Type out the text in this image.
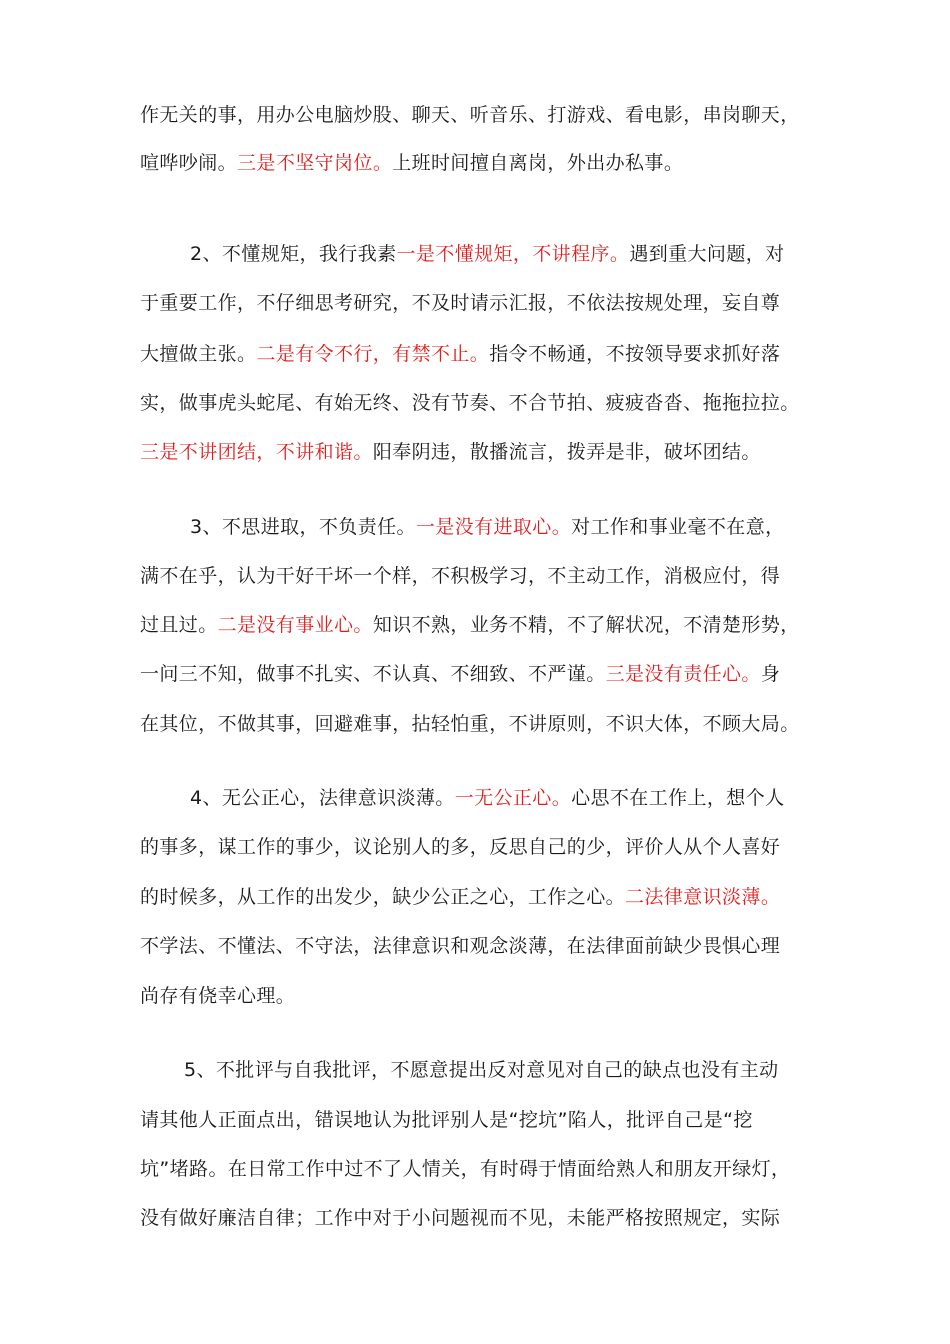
作无关的事，用办公电脑炒股、聊天、听音乐、打游戏、看电影，串岗聊天，
喧哗吵闹。三是不坚守岗位。上班时间擅自离岗，外出办私事。
2、不懂规矩，我行我素一是不懂规矩，不讲程序。遇到重大问题，对
于重要工作，不仔细思考研究，不及时请示汇报，不依法按规处理，妄自尊
大擅做主张。二是有令不行，有禁不止。指令不畅通，不按领导要求抓好落
实，做事虎头蛇尾、有始无终、没有节奏、不合节拍、疲疲沓沓、拖拖拉拉。
三是不讲团结，不讲和谐。阳奉阴违，散播流言，拨弄是非，破坏团结。
3、不思进取，不负责任。一是没有进取心。对工作和事业毫不在意，
满不在乎，认为干好干坏一个样，不积极学习，不主动工作，消极应付，得
过且过。二是没有事业心。知识不熟，业务不精，不了解状况，不清楚形势，
一问三不知，做事不扎实、不认真、不细致、不严谨。三是没有责任心。身
在其位，不做其事，回避难事，拈轻怕重，不讲原则，不识大体，不顾大局。
4、无公正心，法律意识淡薄。一无公正心。心思不在工作上，想个人
的事多，谋工作的事少，议论别人的多，反思自己的少，评价人从个人喜好
的时候多，从工作的出发少，缺少公正之心，工作之心。二法律意识淡薄。
不学法、不懂法、不守法，法律意识和观念淡薄，在法律面前缺少畏惧心理
尚存有侥幸心理。
5、不批评与自我批评，不愿意提出反对意见对自己的缺点也没有主动
请其他人正面点出，错误地认为批评别人是“挖坑”陷人，批评自己是“挖
坑”堵路。在日常工作中过不了人情关，有时碍于情面给熟人和朋友开绿灯，
没有做好廉洁自律；工作中对于小问题视而不见，未能严格按照规定，实际
